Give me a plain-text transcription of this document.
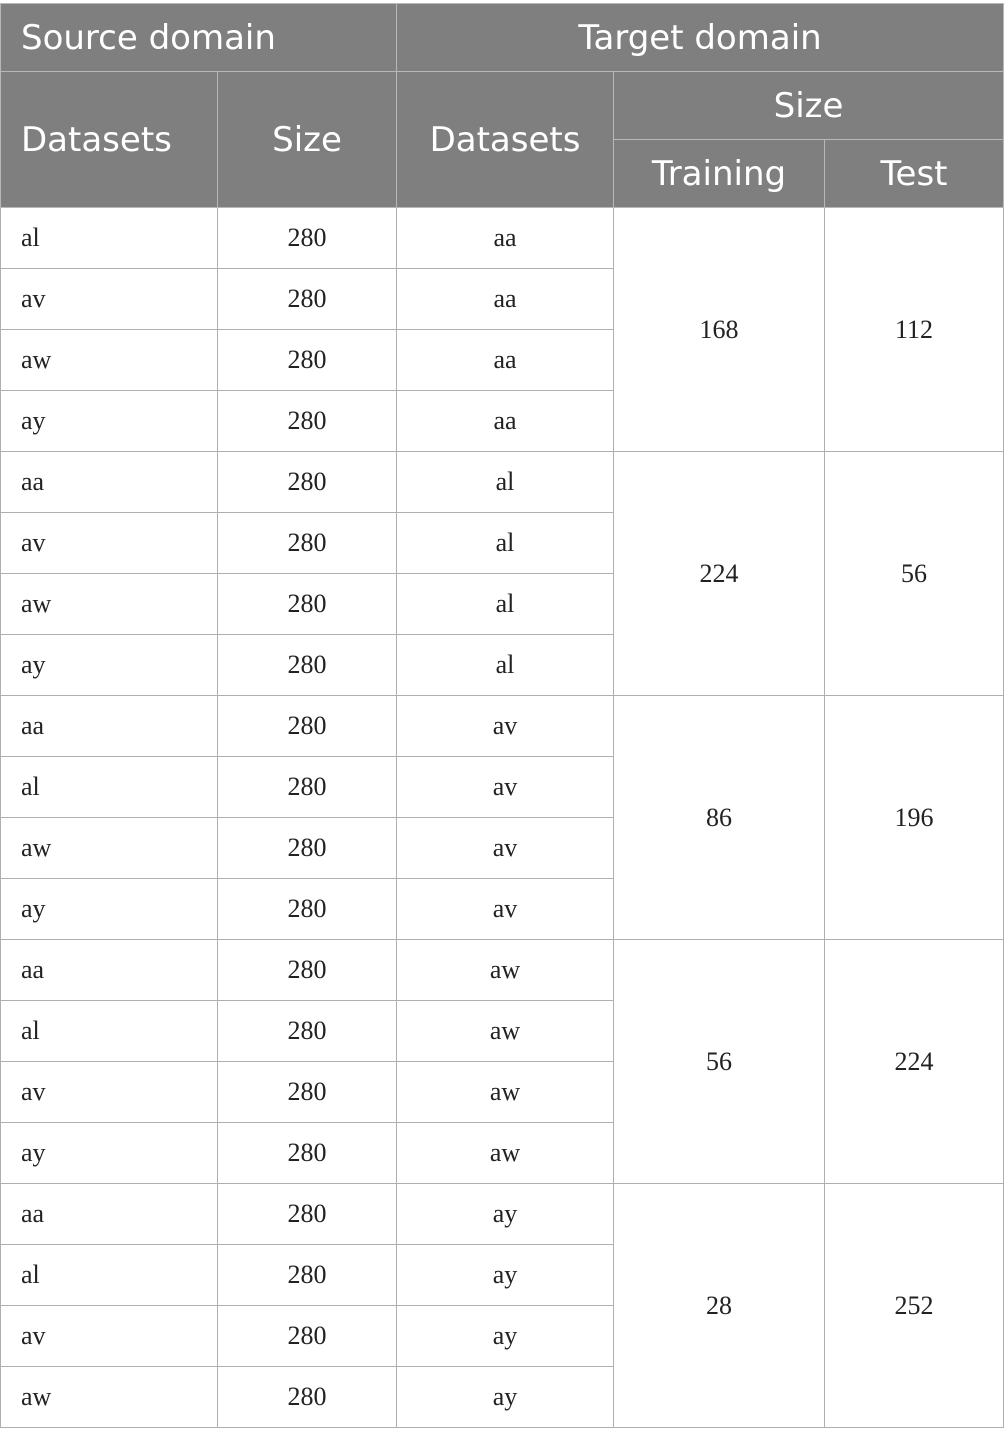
Source domain		Target domain		
Datasets	Size	Datasets	Size	
			Training	Test
al	280	aa	168	112
av	280	aa		
aw	280	aa		
ay	280	aa		
aa	280	al	224	56
av	280	al		
aw	280	al		
ay	280	al		
aa	280	av	86	196
al	280	av		
aw	280	av		
ay	280	av		
aa	280	aw	56	224
al	280	aw		
av	280	aw		
ay	280	aw		
aa	280	ay	28	252
al	280	ay		
av	280	ay		
aw	280	ay		
